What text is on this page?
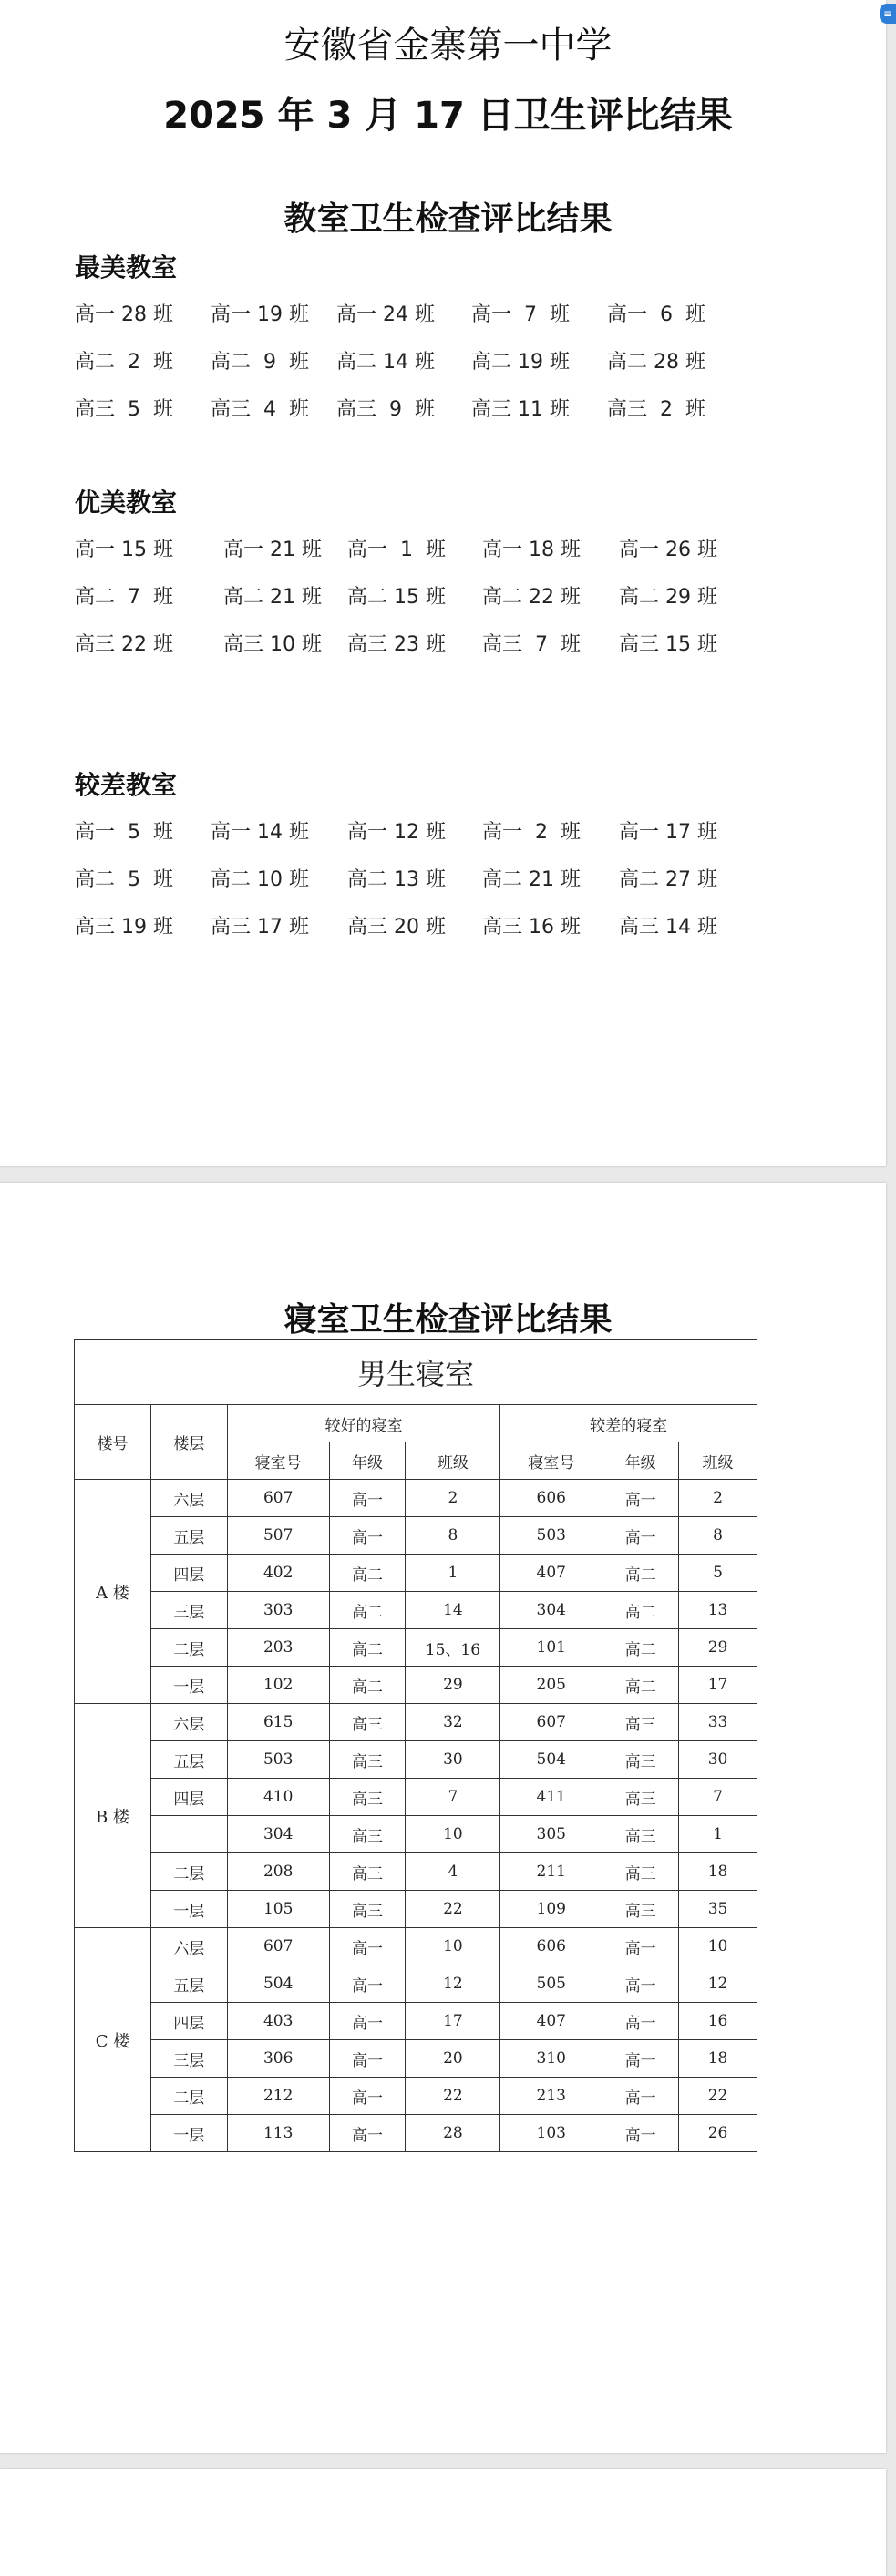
≡
安徽省金寨第一中学
2025 年 3 月 17 日卫生评比结果
教室卫生检查评比结果
最美教室
优美教室
较差教室
高一 28 班 高一 19 班 高一 24 班 高一  7  班 高一  6  班
高二  2  班 高二  9  班 高二 14 班 高二 19 班 高二 28 班
高三  5  班 高三  4  班 高三  9  班 高三 11 班 高三  2  班
高一 15 班	高一 21 班 高一  1  班 高一 18 班 高一 26 班
高二  7  班	高二 21 班 高二 15 班 高二 22 班 高二 29 班
高三 22 班	高三 10 班 高三 23 班 高三  7  班 高三 15 班
高一  5  班 高一 14 班 高一 12 班 高一  2  班 高一 17 班
高二  5  班 高二 10 班 高二 13 班 高二 21 班 高二 27 班
高三 19 班 高三 17 班 高三 20 班 高三 16 班 高三 14 班
寝室卫生检查评比结果
男生寝室							
楼号	楼层	较好的寝室			较差的寝室		
		寝室号	年级	班级	寝室号	年级	班级
A 楼	六层	607	高一	2	606	高一	2
	五层	507	高一	8	503	高一	8
	四层	402	高二	1	407	高二	5
	三层	303	高二	14	304	高二	13
	二层	203	高二	15、16	101	高二	29
	一层	102	高二	29	205	高二	17
B 楼	六层	615	高三	32	607	高三	33
	五层	503	高三	30	504	高三	30
	四层	410	高三	7	411	高三	7
		304	高三	10	305	高三	1
	二层	208	高三	4	211	高三	18
	一层	105	高三	22	109	高三	35
C 楼	六层	607	高一	10	606	高一	10
	五层	504	高一	12	505	高一	12
	四层	403	高一	17	407	高一	16
	三层	306	高一	20	310	高一	18
	二层	212	高一	22	213	高一	22
	一层	113	高一	28	103	高一	26
